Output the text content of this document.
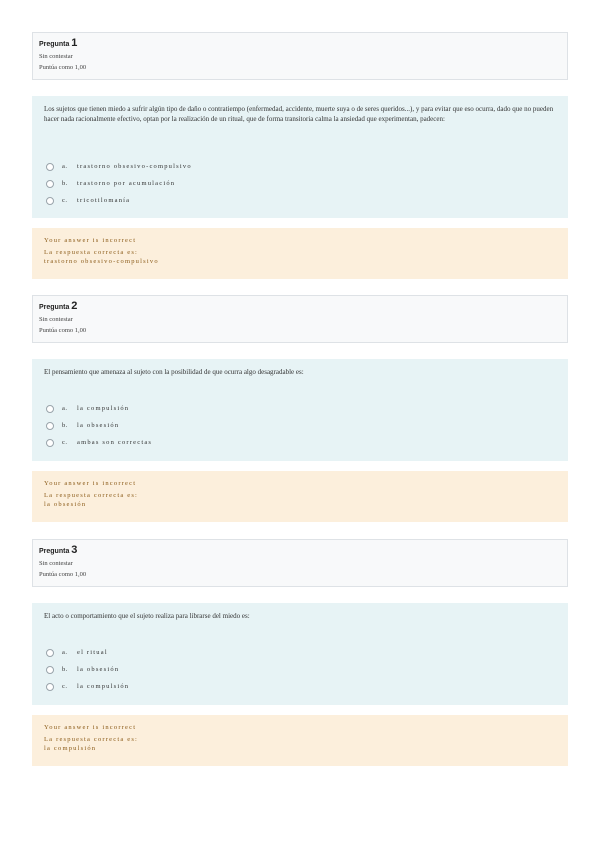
Pregunta 1
Sin contestar
Puntúa como 1,00
Los sujetos que tienen miedo a sufrir algún tipo de daño o contratiempo (enfermedad, accidente, muerte suya o de seres queridos...), y para evitar que eso ocurra, dado que no pueden hacer nada racionalmente efectivo, optan por la realización de un ritual, que de forma transitoria calma la ansiedad que experimentan, padecen:
a.	trastorno obsesivo-compulsivo
b.	trastorno por acumulación
c.	tricotilomanía
Your answer is incorrect
La respuesta correcta es:
trastorno obsesivo-compulsivo
Pregunta 2
Sin contestar
Puntúa como 1,00
El pensamiento que amenaza al sujeto con la posibilidad de que ocurra algo desagradable es:
a.	la compulsión
b.	la obsesión
c.	ambas son correctas
Your answer is incorrect
La respuesta correcta es:
la obsesión
Pregunta 3
Sin contestar
Puntúa como 1,00
El acto o comportamiento que el sujeto realiza para librarse del miedo es:
a.	el ritual
b.	la obsesión
c.	la compulsión
Your answer is incorrect
La respuesta correcta es:
la compulsión
